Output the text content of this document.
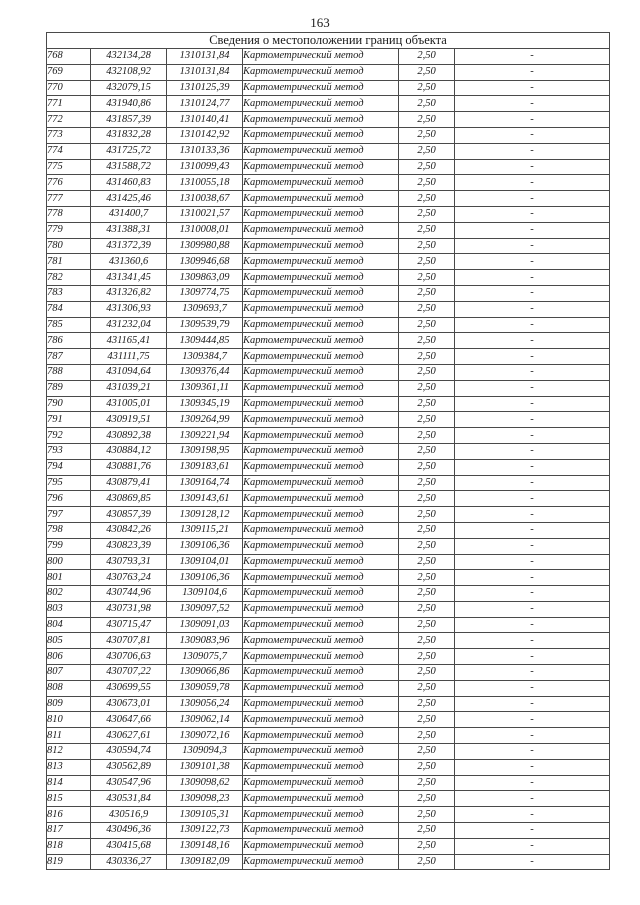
163
Сведения о местоположении границ объекта					
768	432134,28	1310131,84	Картометрический метод	2,50	-
769	432108,92	1310131,84	Картометрический метод	2,50	-
770	432079,15	1310125,39	Картометрический метод	2,50	-
771	431940,86	1310124,77	Картометрический метод	2,50	-
772	431857,39	1310140,41	Картометрический метод	2,50	-
773	431832,28	1310142,92	Картометрический метод	2,50	-
774	431725,72	1310133,36	Картометрический метод	2,50	-
775	431588,72	1310099,43	Картометрический метод	2,50	-
776	431460,83	1310055,18	Картометрический метод	2,50	-
777	431425,46	1310038,67	Картометрический метод	2,50	-
778	431400,7	1310021,57	Картометрический метод	2,50	-
779	431388,31	1310008,01	Картометрический метод	2,50	-
780	431372,39	1309980,88	Картометрический метод	2,50	-
781	431360,6	1309946,68	Картометрический метод	2,50	-
782	431341,45	1309863,09	Картометрический метод	2,50	-
783	431326,82	1309774,75	Картометрический метод	2,50	-
784	431306,93	1309693,7	Картометрический метод	2,50	-
785	431232,04	1309539,79	Картометрический метод	2,50	-
786	431165,41	1309444,85	Картометрический метод	2,50	-
787	431111,75	1309384,7	Картометрический метод	2,50	-
788	431094,64	1309376,44	Картометрический метод	2,50	-
789	431039,21	1309361,11	Картометрический метод	2,50	-
790	431005,01	1309345,19	Картометрический метод	2,50	-
791	430919,51	1309264,99	Картометрический метод	2,50	-
792	430892,38	1309221,94	Картометрический метод	2,50	-
793	430884,12	1309198,95	Картометрический метод	2,50	-
794	430881,76	1309183,61	Картометрический метод	2,50	-
795	430879,41	1309164,74	Картометрический метод	2,50	-
796	430869,85	1309143,61	Картометрический метод	2,50	-
797	430857,39	1309128,12	Картометрический метод	2,50	-
798	430842,26	1309115,21	Картометрический метод	2,50	-
799	430823,39	1309106,36	Картометрический метод	2,50	-
800	430793,31	1309104,01	Картометрический метод	2,50	-
801	430763,24	1309106,36	Картометрический метод	2,50	-
802	430744,96	1309104,6	Картометрический метод	2,50	-
803	430731,98	1309097,52	Картометрический метод	2,50	-
804	430715,47	1309091,03	Картометрический метод	2,50	-
805	430707,81	1309083,96	Картометрический метод	2,50	-
806	430706,63	1309075,7	Картометрический метод	2,50	-
807	430707,22	1309066,86	Картометрический метод	2,50	-
808	430699,55	1309059,78	Картометрический метод	2,50	-
809	430673,01	1309056,24	Картометрический метод	2,50	-
810	430647,66	1309062,14	Картометрический метод	2,50	-
811	430627,61	1309072,16	Картометрический метод	2,50	-
812	430594,74	1309094,3	Картометрический метод	2,50	-
813	430562,89	1309101,38	Картометрический метод	2,50	-
814	430547,96	1309098,62	Картометрический метод	2,50	-
815	430531,84	1309098,23	Картометрический метод	2,50	-
816	430516,9	1309105,31	Картометрический метод	2,50	-
817	430496,36	1309122,73	Картометрический метод	2,50	-
818	430415,68	1309148,16	Картометрический метод	2,50	-
819	430336,27	1309182,09	Картометрический метод	2,50	-
